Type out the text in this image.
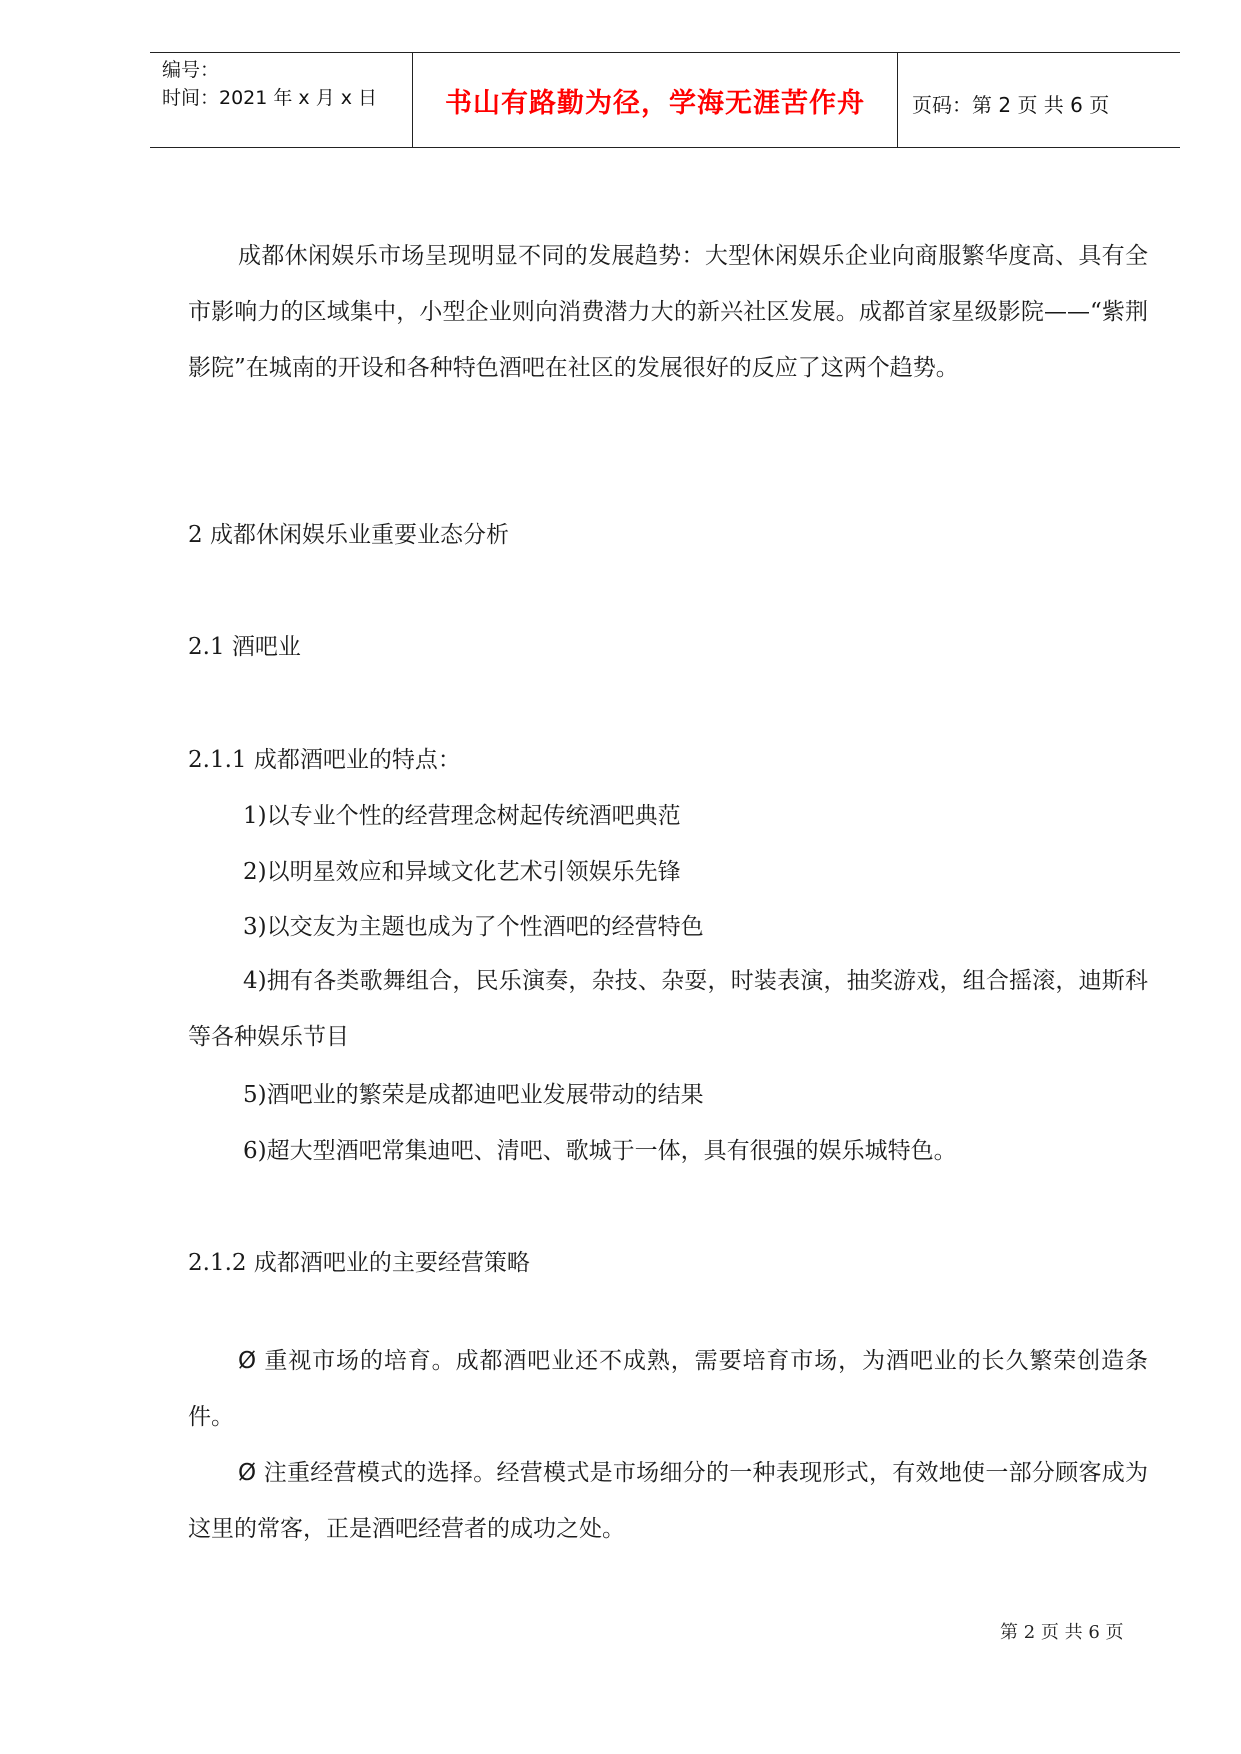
编号：
时间：2021 年 x 月 x 日	书山有路勤为径，学海无涯苦作舟	页码：第 2 页 共 6 页
成都休闲娱乐市场呈现明显不同的发展趋势：大型休闲娱乐企业向商服繁华度高、具有全市影响力的区域集中，小型企业则向消费潜力大的新兴社区发展。成都首家星级影院——“紫荆影院”在城南的开设和各种特色酒吧在社区的发展很好的反应了这两个趋势。
2 成都休闲娱乐业重要业态分析
2.1 酒吧业
2.1.1 成都酒吧业的特点：
1)以专业个性的经营理念树起传统酒吧典范
2)以明星效应和异域文化艺术引领娱乐先锋
3)以交友为主题也成为了个性酒吧的经营特色
4)拥有各类歌舞组合，民乐演奏，杂技、杂耍，时装表演，抽奖游戏，组合摇滚，迪斯科等各种娱乐节目
5)酒吧业的繁荣是成都迪吧业发展带动的结果
6)超大型酒吧常集迪吧、清吧、歌城于一体，具有很强的娱乐城特色。
2.1.2 成都酒吧业的主要经营策略
Ø 重视市场的培育。成都酒吧业还不成熟，需要培育市场，为酒吧业的长久繁荣创造条件。
Ø 注重经营模式的选择。经营模式是市场细分的一种表现形式，有效地使一部分顾客成为这里的常客，正是酒吧经营者的成功之处。
第 2 页 共 6 页
